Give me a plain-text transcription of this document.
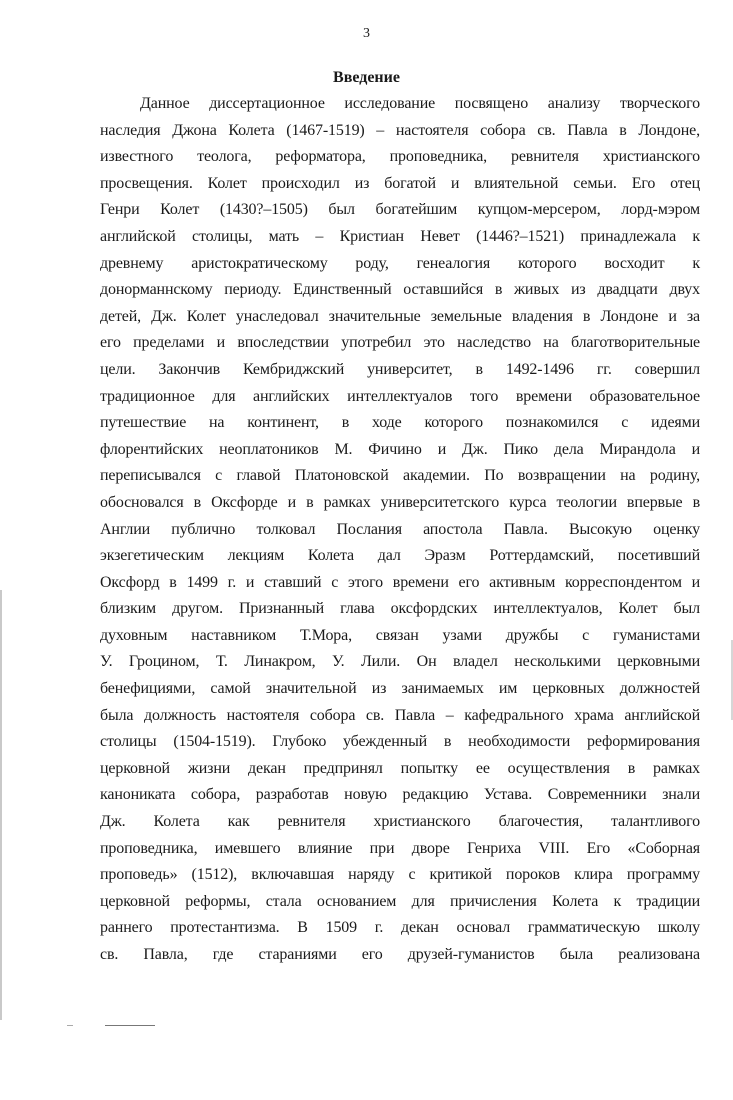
3
Введение
Данное диссертационное исследование посвящено анализу творческого
наследия Джона Колета (1467-1519) – настоятеля собора св. Павла в Лондоне,
известного теолога, реформатора, проповедника, ревнителя христианского
просвещения. Колет происходил из богатой и влиятельной семьи. Его отец
Генри Колет (1430?–1505) был богатейшим купцом-мерсером, лорд-мэром
английской столицы, мать – Кристиан Невет (1446?–1521) принадлежала к
древнему аристократическому роду, генеалогия которого восходит к
донорманнскому периоду. Единственный оставшийся в живых из двадцати двух
детей, Дж. Колет унаследовал значительные земельные владения в Лондоне и за
его пределами и впоследствии употребил это наследство на благотворительные
цели. Закончив Кембриджский университет, в 1492-1496 гг. совершил
традиционное для английских интеллектуалов того времени образовательное
путешествие на континент, в ходе которого познакомился с идеями
флорентийских неоплатоников М. Фичино и Дж. Пико дела Мирандола и
переписывался с главой Платоновской академии. По возвращении на родину,
обосновался в Оксфорде и в рамках университетского курса теологии впервые в
Англии публично толковал Послания апостола Павла. Высокую оценку
экзегетическим лекциям Колета дал Эразм Роттердамский, посетивший
Оксфорд в 1499 г. и ставший с этого времени его активным корреспондентом и
близким другом. Признанный глава оксфордских интеллектуалов, Колет был
духовным наставником Т.Мора, связан узами дружбы с гуманистами
У. Гроцином, Т. Линакром, У. Лили. Он владел несколькими церковными
бенефициями, самой значительной из занимаемых им церковных должностей
была должность настоятеля собора св. Павла – кафедрального храма английской
столицы (1504-1519). Глубоко убежденный в необходимости реформирования
церковной жизни декан предпринял попытку ее осуществления в рамках
канониката собора, разработав новую редакцию Устава. Современники знали
Дж. Колета как ревнителя христианского благочестия, талантливого
проповедника, имевшего влияние при дворе Генриха VIII. Его «Соборная
проповедь» (1512), включавшая наряду с критикой пороков клира программу
церковной реформы, стала основанием для причисления Колета к традиции
раннего протестантизма. В 1509 г. декан основал грамматическую школу
св. Павла, где стараниями его друзей-гуманистов была реализована
